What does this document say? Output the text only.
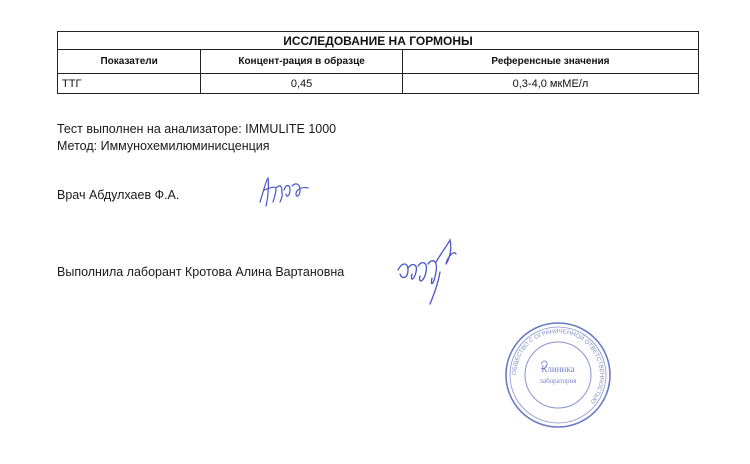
ИССЛЕДОВАНИЕ НА ГОРМОНЫ		
Показатели	Концент-рация в образце	Референсные значения
ТТГ	0,45	0,3-4,0 мкМЕ/л
Тест выполнен на анализаторе: IMMULITE 1000
Метод: Иммунохемилюминисценция
Врач Абдулхаев Ф.А.
Выполнила лаборант Кротова Алина Вартановна
ОБЩЕСТВО С ОГРАНИЧЕННОЙ ОТВЕТСТВЕННОСТЬЮ
Клиника
лаборатория
